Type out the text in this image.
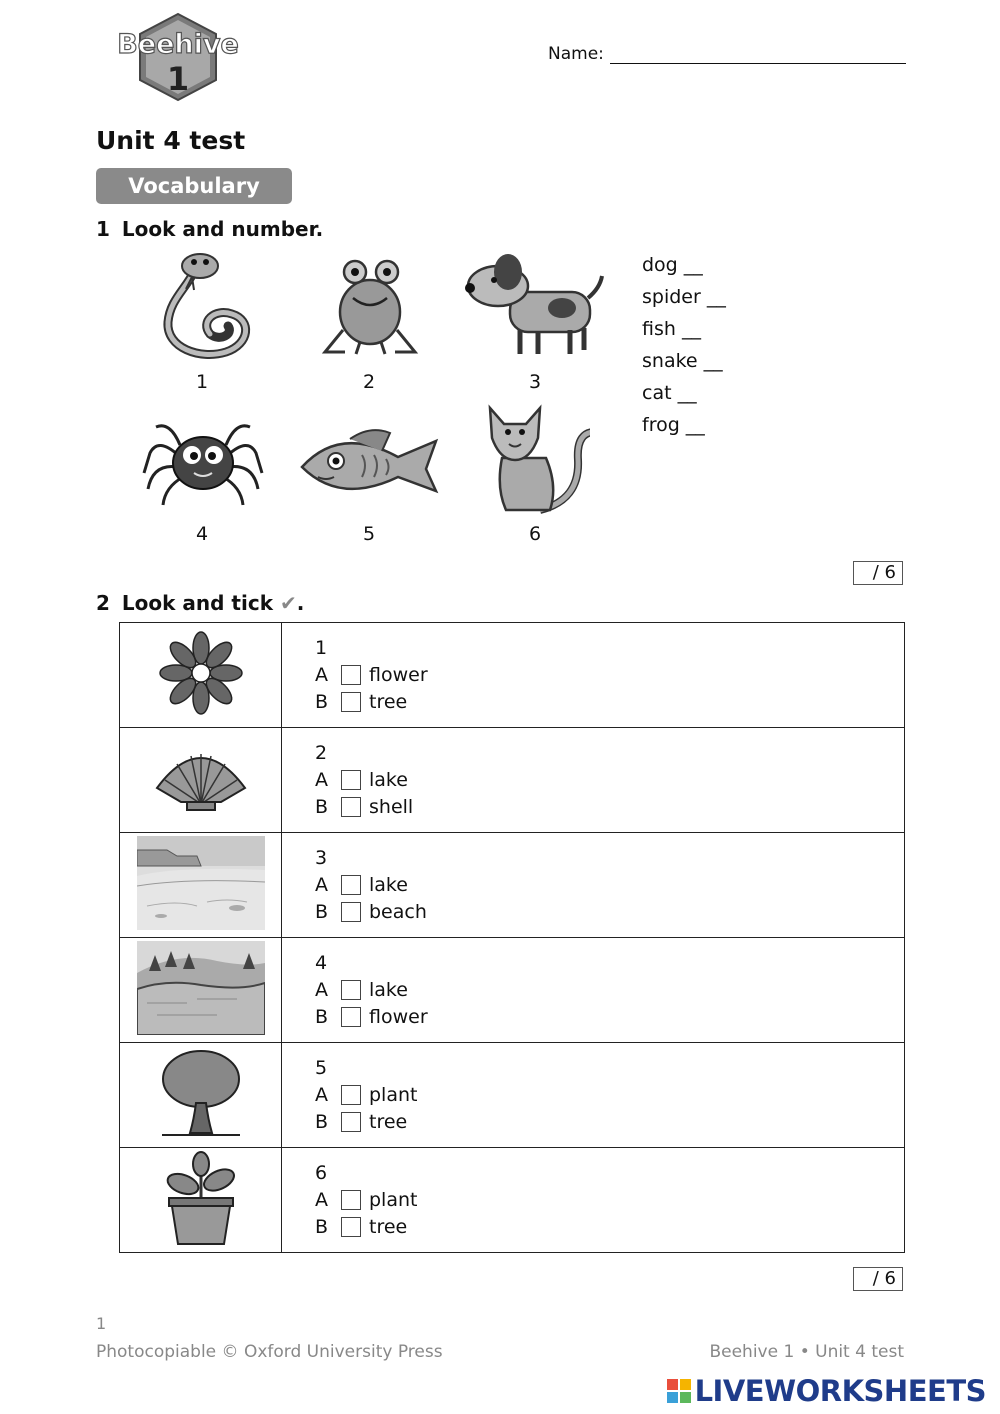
Beehive
1
Name:
Unit 4 test
Vocabulary
1 Look and number.
1	2	3
4	5	6
dog __
spider __
fish __
snake __
cat __
frog __
/ 6
2 Look and tick ✔.

1
A flower
B tree

2
A lake
B shell

3
A lake
B beach

4
A lake
B flower

5
A plant
B tree

6
A plant
B tree
/ 6
1
Photocopiable © Oxford University Press	Beehive 1 • Unit 4 test
LIVEWORKSHEETS
